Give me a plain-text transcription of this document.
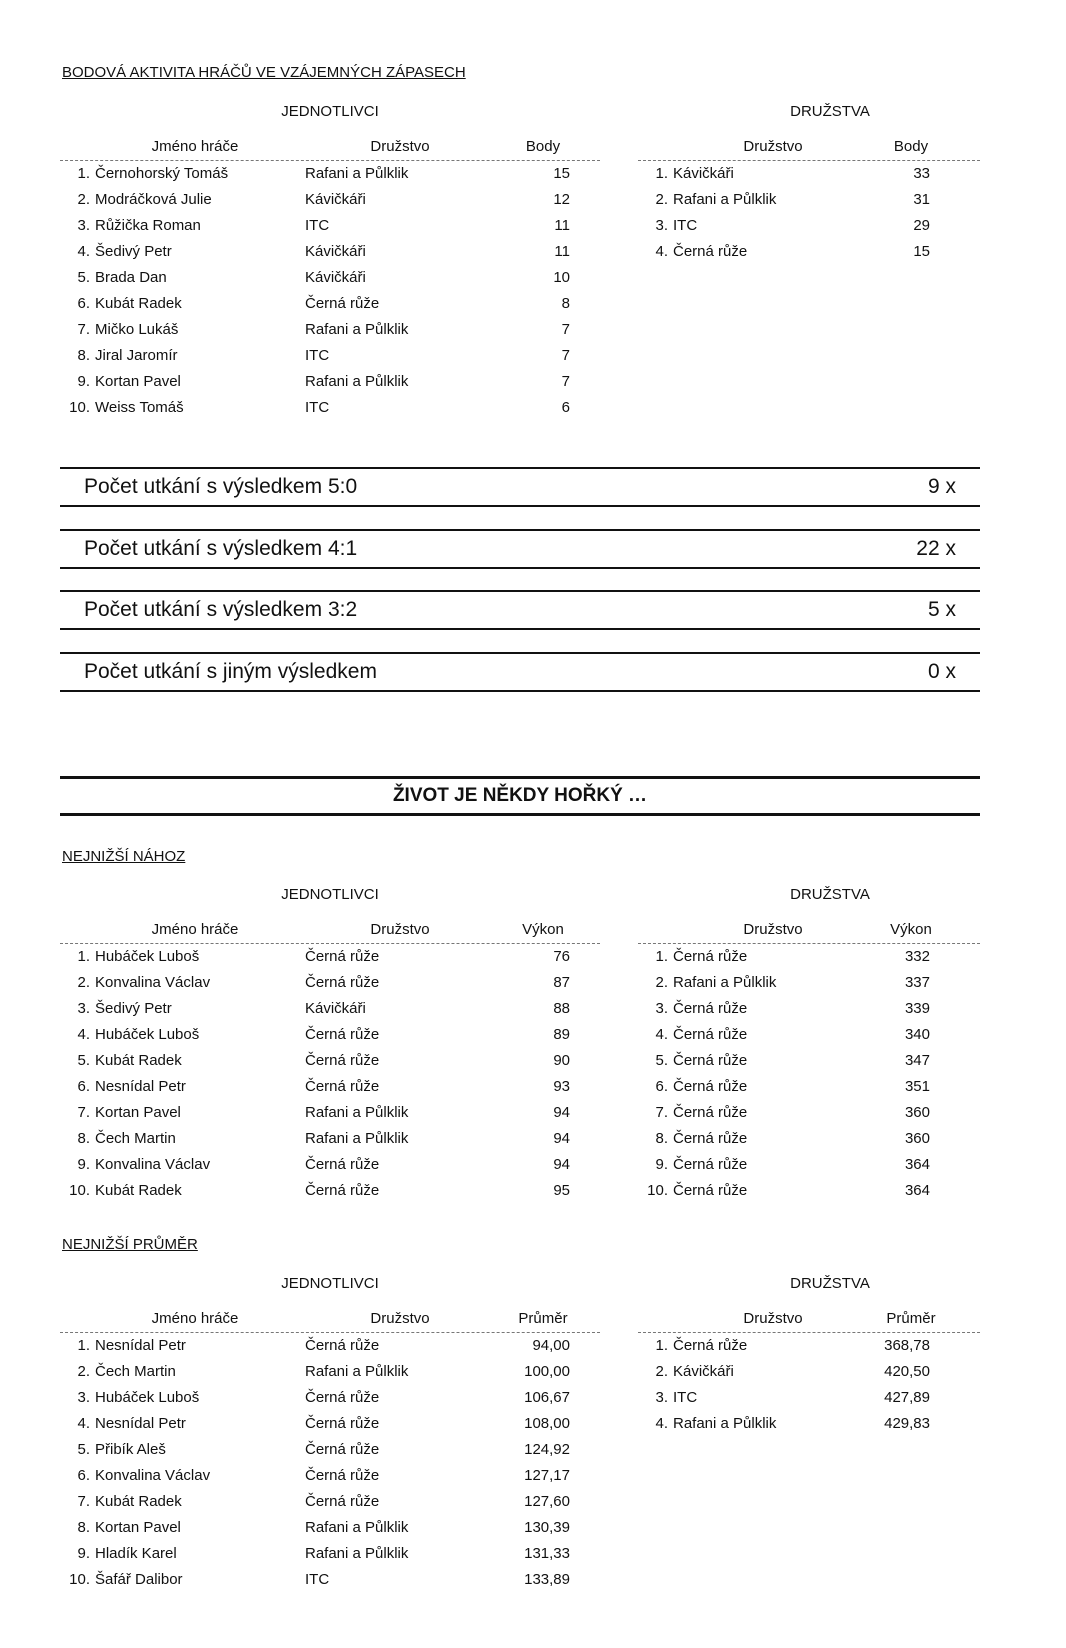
BODOVÁ AKTIVITA HRÁČŮ VE VZÁJEMNÝCH ZÁPASECH
JEDNOTLIVCI	DRUŽSTVA
Jméno hráče	Družstvo	Body
1. Černohorský Tomáš	Rafani a Půlklik	15
2. Modráčková Julie	Kávičkáři	12
3. Růžička Roman	ITC	11
4. Šedivý Petr	Kávičkáři	11
5. Brada Dan	Kávičkáři	10
6. Kubát Radek	Černá růže	8
7. Mičko Lukáš	Rafani a Půlklik	7
8. Jiral Jaromír	ITC	7
9. Kortan Pavel	Rafani a Půlklik	7
10. Weiss Tomáš	ITC	6
Družstvo	Body
1. Kávičkáři	33
2. Rafani a Půlklik	31
3. ITC	29
4. Černá růže	15
Počet utkání s výsledkem 5:0	9 x
Počet utkání s výsledkem 4:1	22 x
Počet utkání s výsledkem 3:2	5 x
Počet utkání s jiným výsledkem	0 x
ŽIVOT JE NĚKDY HOŘKÝ …
NEJNIŽŠÍ NÁHOZ
JEDNOTLIVCI	DRUŽSTVA
Jméno hráče	Družstvo	Výkon
1. Hubáček Luboš	Černá růže	76
2. Konvalina Václav	Černá růže	87
3. Šedivý Petr	Kávičkáři	88
4. Hubáček Luboš	Černá růže	89
5. Kubát Radek	Černá růže	90
6. Nesnídal Petr	Černá růže	93
7. Kortan Pavel	Rafani a Půlklik	94
8. Čech Martin	Rafani a Půlklik	94
9. Konvalina Václav	Černá růže	94
10. Kubát Radek	Černá růže	95
Družstvo	Výkon
1. Černá růže	332
2. Rafani a Půlklik	337
3. Černá růže	339
4. Černá růže	340
5. Černá růže	347
6. Černá růže	351
7. Černá růže	360
8. Černá růže	360
9. Černá růže	364
10. Černá růže	364
NEJNIŽŠÍ PRŮMĚR
JEDNOTLIVCI	DRUŽSTVA
Jméno hráče	Družstvo	Průměr
1. Nesnídal Petr	Černá růže	94,00
2. Čech Martin	Rafani a Půlklik	100,00
3. Hubáček Luboš	Černá růže	106,67
4. Nesnídal Petr	Černá růže	108,00
5. Přibík Aleš	Černá růže	124,92
6. Konvalina Václav	Černá růže	127,17
7. Kubát Radek	Černá růže	127,60
8. Kortan Pavel	Rafani a Půlklik	130,39
9. Hladík Karel	Rafani a Půlklik	131,33
10. Šafář Dalibor	ITC	133,89
Družstvo	Průměr
1. Černá růže	368,78
2. Kávičkáři	420,50
3. ITC	427,89
4. Rafani a Půlklik	429,83
